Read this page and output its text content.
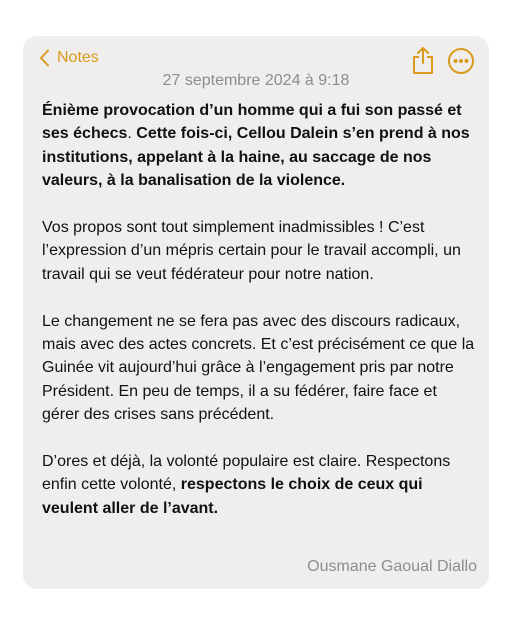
Notes
27 septembre 2024 à 9:18

Énième provocation d’un homme qui a fui son passé et ses échecs. Cette fois-ci, Cellou Dalein s’en prend à nos institutions, appelant à la haine, au saccage de nos valeurs, à la banalisation de la violence.

Vos propos sont tout simplement inadmissibles ! C’est l’expression d’un mépris certain pour le travail accompli, un travail qui se veut fédérateur pour notre nation.

Le changement ne se fera pas avec des discours radicaux, mais avec des actes concrets. Et c’est précisément ce que la Guinée vit aujourd’hui grâce à l’engagement pris par notre Président. En peu de temps, il a su fédérer, faire face et gérer des crises sans précédent.

D’ores et déjà, la volonté populaire est claire. Respectons enfin cette volonté, respectons le choix de ceux qui veulent aller de l’avant.

Ousmane Gaoual Diallo
